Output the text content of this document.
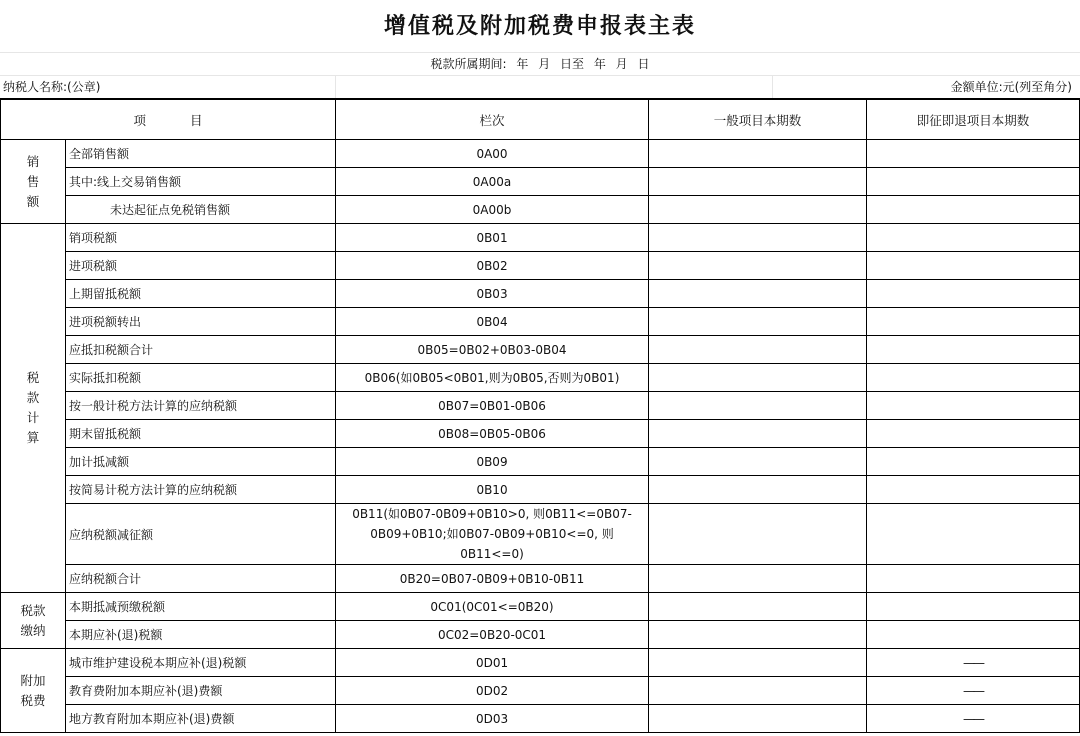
增值税及附加税费申报表主表
税款所属期间: 年 月 日至 年 月 日
纳税人名称:(公章)	金额单位:元(列至角分)
项 目		栏次	一般项目本期数	即征即退项目本期数
销
售
额	全部销售额	0A00		
	其中:线上交易销售额	0A00a		
	未达起征点免税销售额	0A00b		
税
款
计
算	销项税额	0B01		
	进项税额	0B02		
	上期留抵税额	0B03		
	进项税额转出	0B04		
	应抵扣税额合计	0B05=0B02+0B03-0B04		
	实际抵扣税额	0B06(如0B05<0B01,则为0B05,否则为0B01)		
	按一般计税方法计算的应纳税额	0B07=0B01-0B06		
	期末留抵税额	0B08=0B05-0B06		
	加计抵减额	0B09		
	按简易计税方法计算的应纳税额	0B10		
	应纳税额减征额	0B11(如0B07-0B09+0B10>0, 则0B11<=0B07-0B09+0B10;如0B07-0B09+0B10<=0, 则0B11<=0)		
	应纳税额合计	0B20=0B07-0B09+0B10-0B11		
税款
缴纳	本期抵减预缴税额	0C01(0C01<=0B20)		
	本期应补(退)税额	0C02=0B20-0C01		
附加
税费	城市维护建设税本期应补(退)税额	0D01		——
	教育费附加本期应补(退)费额	0D02		——
	地方教育附加本期应补(退)费额	0D03		——
